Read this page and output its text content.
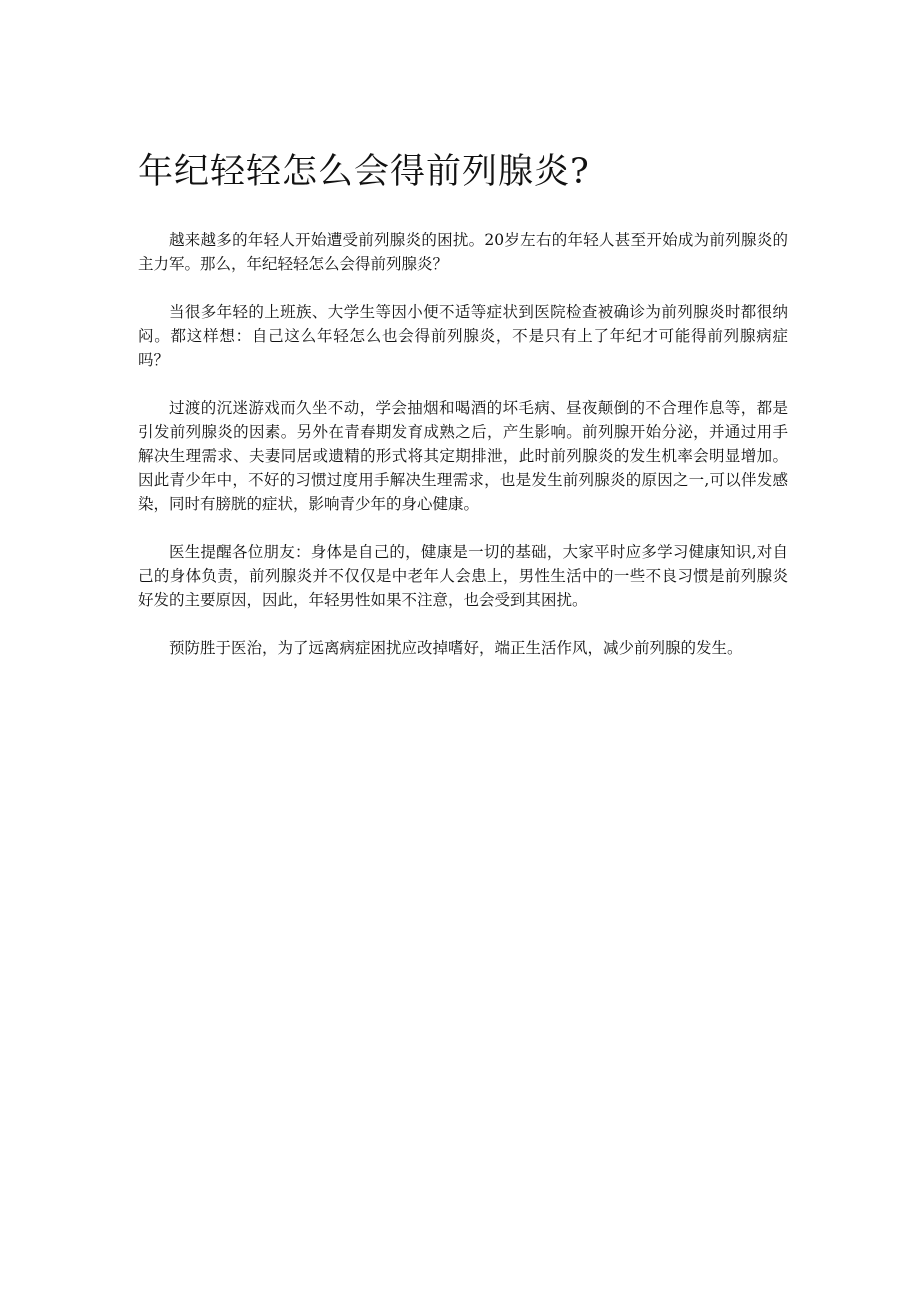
年纪轻轻怎么会得前列腺炎?

越来越多的年轻人开始遭受前列腺炎的困扰。20岁左右的年轻人甚至开始成为前列腺炎的主力军。那么，年纪轻轻怎么会得前列腺炎？

当很多年轻的上班族、大学生等因小便不适等症状到医院检查被确诊为前列腺炎时都很纳闷。都这样想：自己这么年轻怎么也会得前列腺炎，不是只有上了年纪才可能得前列腺病症吗？

过渡的沉迷游戏而久坐不动，学会抽烟和喝酒的坏毛病、昼夜颠倒的不合理作息等，都是引发前列腺炎的因素。另外在青春期发育成熟之后，产生影响。前列腺开始分泌，并通过用手解决生理需求、夫妻同居或遗精的形式将其定期排泄，此时前列腺炎的发生机率会明显增加。因此青少年中，不好的习惯过度用手解决生理需求，也是发生前列腺炎的原因之一,可以伴发感染，同时有膀胱的症状，影响青少年的身心健康。

医生提醒各位朋友：身体是自己的，健康是一切的基础，大家平时应多学习健康知识,对自己的身体负责，前列腺炎并不仅仅是中老年人会患上，男性生活中的一些不良习惯是前列腺炎好发的主要原因，因此，年轻男性如果不注意，也会受到其困扰。

预防胜于医治，为了远离病症困扰应改掉嗜好，端正生活作风，减少前列腺的发生。
